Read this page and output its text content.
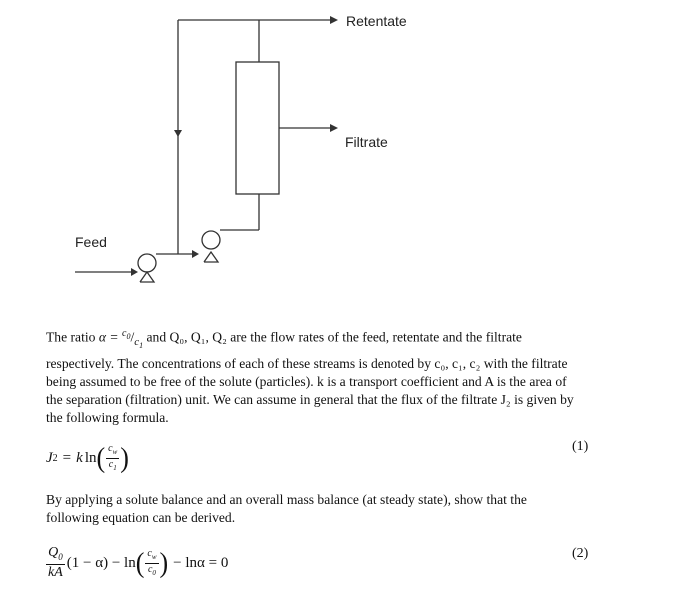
Retentate
Filtrate
Feed
The ratio $\alpha = ^{c_0}/_{c_1}$ and Q₀, Q₁, Q₂ are the flow rates of the feed, retentate and the filtrate
respectively. The concentrations of each of these streams is denoted by c₀, c₁, c₂ with the filtrate
being assumed to be free of the solute (particles). k is a transport coefficient and A is the area of
the separation (filtration) unit. We can assume in general that the flux of the filtrate J₂ is given by
the following formula.
J 2 = k ln ( $\frac{c_w}{c_1}$ )	(1)
By applying a solute balance and an overall mass balance (at steady state), show that the
following equation can be derived.
$\frac{Q_0}{kA} (1 - \alpha) - \ln$ ( $\frac{c_w}{c_0}$ ) − lnα = 0
(2)
